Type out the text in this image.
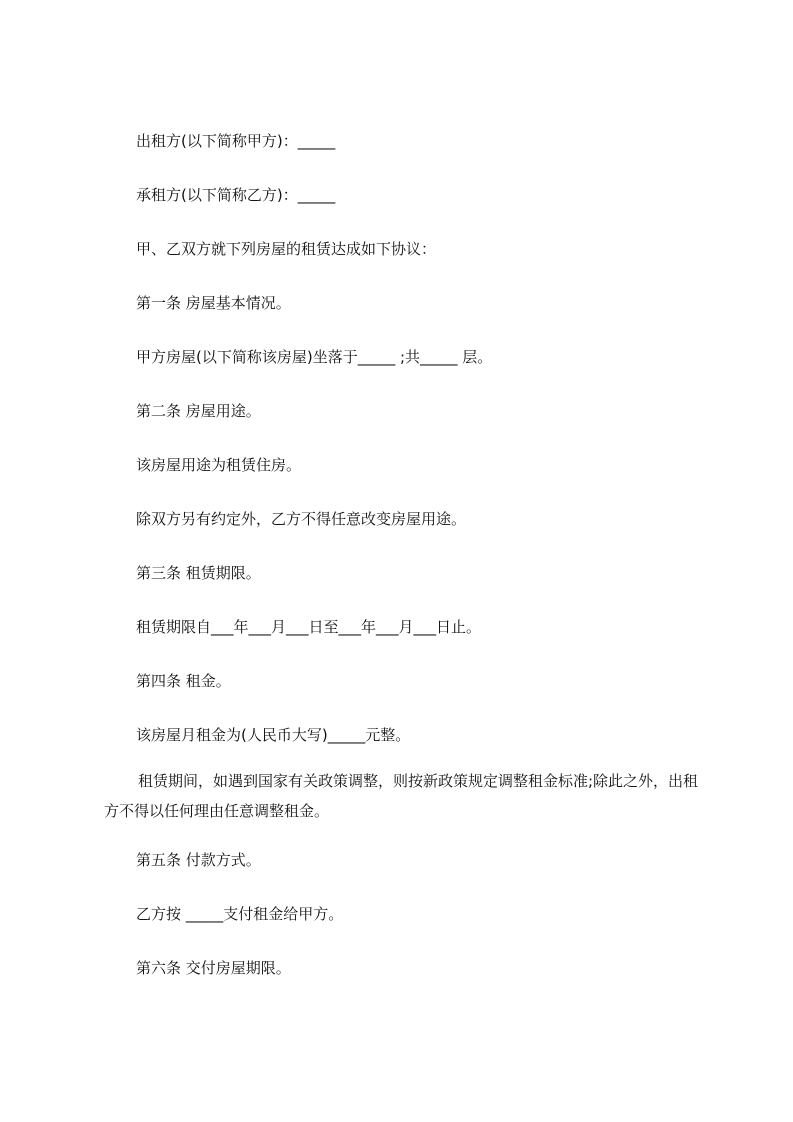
出租方(以下简称甲方)：_____

承租方(以下简称乙方)：_____

甲、乙双方就下列房屋的租赁达成如下协议：

第一条 房屋基本情况。

甲方房屋(以下简称该房屋)坐落于_____ ;共_____ 层。

第二条 房屋用途。

该房屋用途为租赁住房。

除双方另有约定外，乙方不得任意改变房屋用途。

第三条 租赁期限。

租赁期限自___年___月___日至___年___月___日止。

第四条 租金。

该房屋月租金为(人民币大写)_____元整。

租赁期间，如遇到国家有关政策调整，则按新政策规定调整租金标准;除此之外，出租方不得以任何理由任意调整租金。

第五条 付款方式。

乙方按 _____支付租金给甲方。

第六条 交付房屋期限。
